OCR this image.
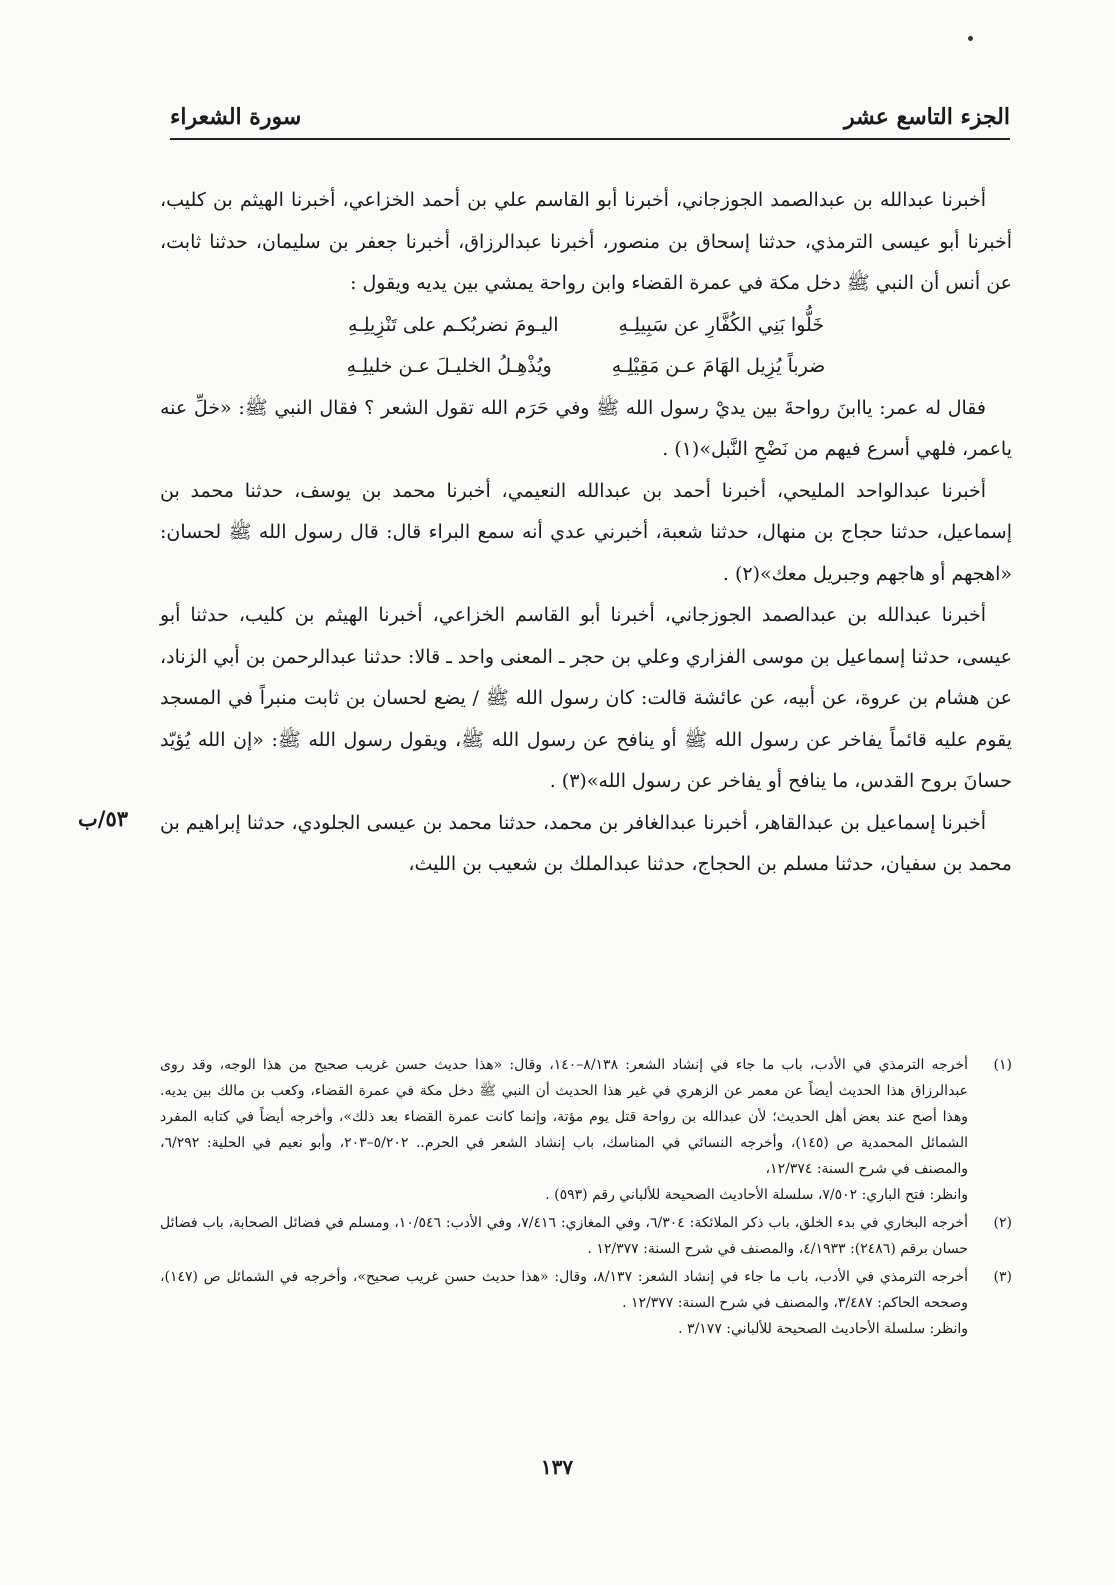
الجزء التاسع عشر
سورة الشعراء

أخبرنا عبدالله بن عبدالصمد الجوزجاني، أخبرنا أبو القاسم علي بن أحمد الخزاعي، أخبرنا الهيثم بن كليب، أخبرنا أبو عيسى الترمذي، حدثنا إسحاق بن منصور، أخبرنا عبدالرزاق، أخبرنا جعفر بن سليمان، حدثنا ثابت، عن أنس أن النبي ﷺ دخل مكة في عمرة القضاء وابن رواحة يمشي بين يديه ويقول :

خَلُّوا بَنِي الكُفَّارِ عن سَبِيلِـهِ
اليـومَ نضربُكـم على تَنْزِيلِـهِ
ضرباً يُزِيل الهَامَ عـن مَقِيْلِـهِ
ويُذْهِـلُ الخليـلَ عـن خليلِـهِ

فقال له عمر: ياابنَ رواحةَ بين يديْ رسول الله ﷺ وفي حَرَم الله تقول الشعر ؟ فقال النبي ﷺ: «خلِّ عنه ياعمر، فلهي أسرع فيهم من نَضْحِ النَّبل»(١) .

أخبرنا عبدالواحد المليحي، أخبرنا أحمد بن عبدالله النعيمي، أخبرنا محمد بن يوسف، حدثنا محمد بن إسماعيل، حدثنا حجاج بن منهال، حدثنا شعبة، أخبرني عدي أنه سمع البراء قال: قال رسول الله ﷺ لحسان: «اهجهم أو هاجهم وجبريل معك»(٢) .

أخبرنا عبدالله بن عبدالصمد الجوزجاني، أخبرنا أبو القاسم الخزاعي، أخبرنا الهيثم بن كليب، حدثنا أبو عيسى، حدثنا إسماعيل بن موسى الفزاري وعلي بن حجر ـ المعنى واحد ـ قالا: حدثنا عبدالرحمن بن أبي الزناد، عن هشام بن عروة، عن أبيه، عن عائشة قالت: كان رسول الله ﷺ / يضع لحسان بن ثابت منبراً في المسجد يقوم عليه قائماً يفاخر عن رسول الله ﷺ أو ينافح عن رسول الله ﷺ، ويقول رسول الله ﷺ: «إن الله يُؤيّد حسانَ بروح القدس، ما ينافح أو يفاخر عن رسول الله»(٣) .

أخبرنا إسماعيل بن عبدالقاهر، أخبرنا عبدالغافر بن محمد، حدثنا محمد بن عيسى الجلودي، حدثنا إبراهيم بن محمد بن سفيان، حدثنا مسلم بن الحجاج، حدثنا عبدالملك بن شعيب بن الليث،

٥٣/ب
(١)
أخرجه الترمذي في الأدب، باب ما جاء في إنشاد الشعر: ٨/١٣٨–١٤٠، وقال: «هذا حديث حسن غريب صحيح من هذا الوجه، وقد روى عبدالرزاق هذا الحديث أيضاً عن معمر عن الزهري في غير هذا الحديث أن النبي ﷺ دخل مكة في عمرة القضاء، وكعب بن مالك بين يديه. وهذا أصح عند بعض أهل الحديث؛ لأن عبدالله بن رواحة قتل يوم مؤتة، وإنما كانت عمرة القضاء بعد ذلك»، وأخرجه أيضاً في كتابه المفرد الشمائل المحمدية ص (١٤٥)، وأخرجه النسائي في المناسك، باب إنشاد الشعر في الحرم.. ٥/٢٠٢–٢٠٣، وأبو نعيم في الحلية: ٦/٢٩٢، والمصنف في شرح السنة: ١٢/٣٧٤،
وانظر: فتح الباري: ٧/٥٠٢، سلسلة الأحاديث الصحيحة للألباني رقم (٥٩٣) .
(٢)
أخرجه البخاري في بدء الخلق، باب ذكر الملائكة: ٦/٣٠٤، وفي المغازي: ٧/٤١٦، وفي الأدب: ١٠/٥٤٦، ومسلم في فضائل الصحابة، باب فضائل حسان برقم (٢٤٨٦): ٤/١٩٣٣، والمصنف في شرح السنة: ١٢/٣٧٧ .
(٣)
أخرجه الترمذي في الأدب، باب ما جاء في إنشاد الشعر: ٨/١٣٧، وقال: «هذا حديث حسن غريب صحيح»، وأخرجه في الشمائل ص (١٤٧)، وصححه الحاكم: ٣/٤٨٧، والمصنف في شرح السنة: ١٢/٣٧٧ .
وانظر: سلسلة الأحاديث الصحيحة للألباني: ٣/١٧٧ .
١٣٧
